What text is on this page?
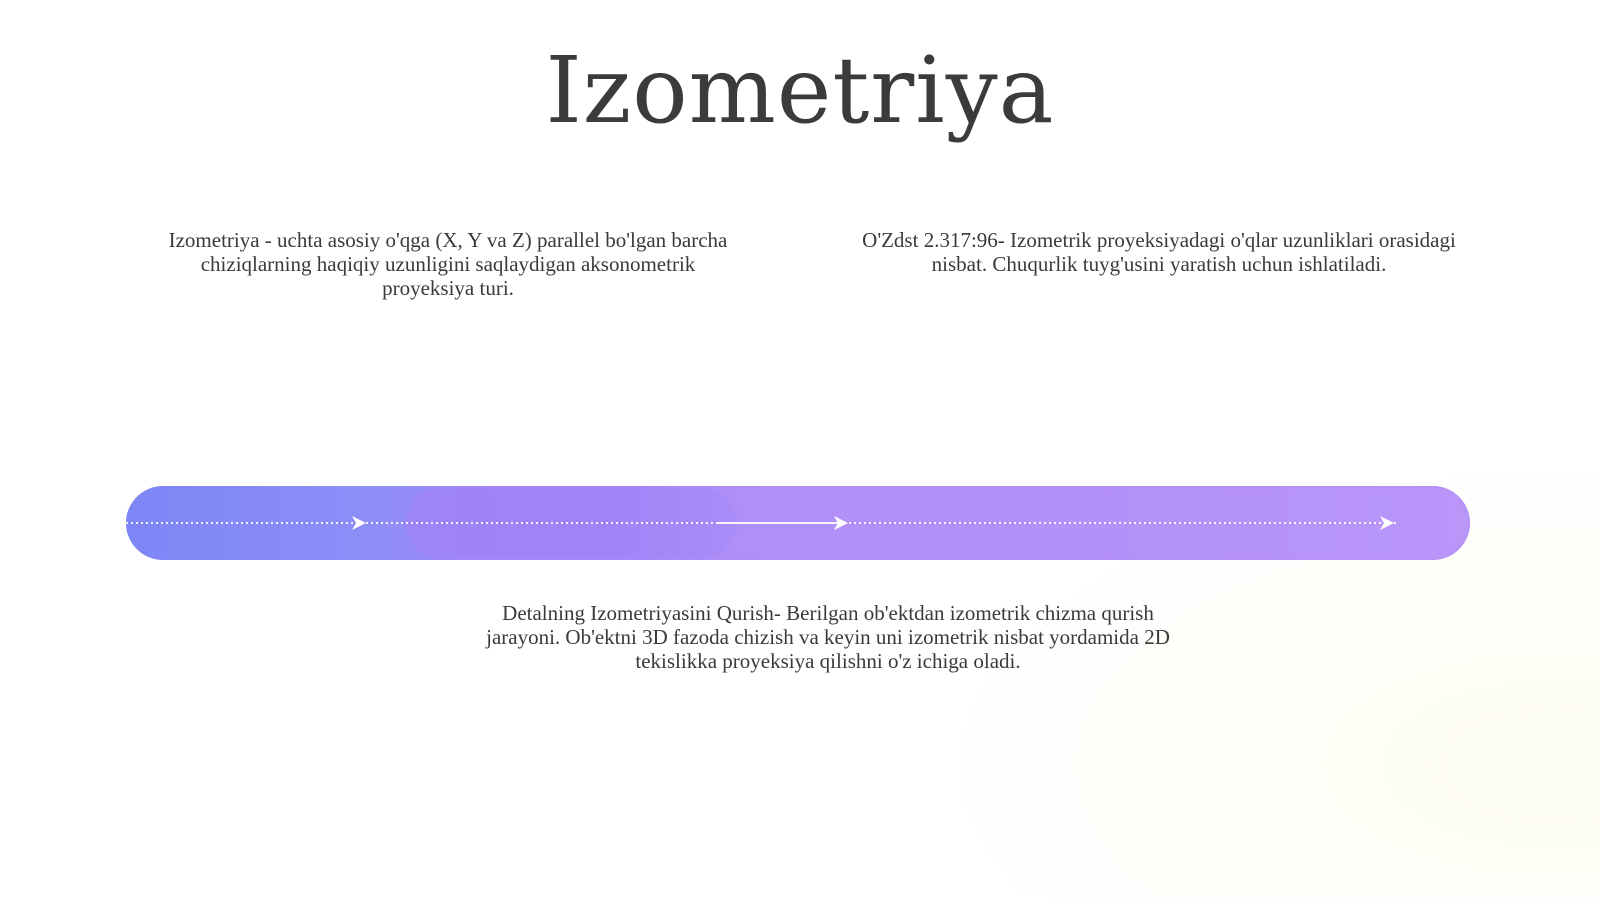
Izometriya
Izometriya - uchta asosiy o'qga (X, Y va Z) parallel bo'lgan barcha chiziqlarning haqiqiy uzunligini saqlaydigan aksonometrik proyeksiya turi.
O'Zdst 2.317:96- Izometrik proyeksiyadagi o'qlar uzunliklari orasidagi nisbat. Chuqurlik tuyg'usini yaratish uchun ishlatiladi.
Detalning Izometriyasini Qurish- Berilgan ob'ektdan izometrik chizma qurish jarayoni. Ob'ektni 3D fazoda chizish va keyin uni izometrik nisbat yordamida 2D tekislikka proyeksiya qilishni o'z ichiga oladi.
